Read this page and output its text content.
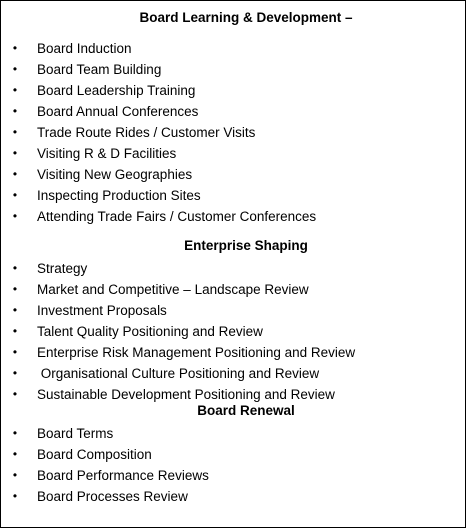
Board Learning & Development –
• Board Induction
• Board Team Building
• Board Leadership Training
• Board Annual Conferences
• Trade Route Rides / Customer Visits
• Visiting R & D Facilities
• Visiting New Geographies
• Inspecting Production Sites
• Attending Trade Fairs / Customer Conferences
Enterprise Shaping
• Strategy
• Market and Competitive – Landscape Review
• Investment Proposals
• Talent Quality Positioning and Review
• Enterprise Risk Management Positioning and Review
• Organisational Culture Positioning and Review
• Sustainable Development Positioning and Review
Board Renewal
• Board Terms
• Board Composition
• Board Performance Reviews
• Board Processes Review
